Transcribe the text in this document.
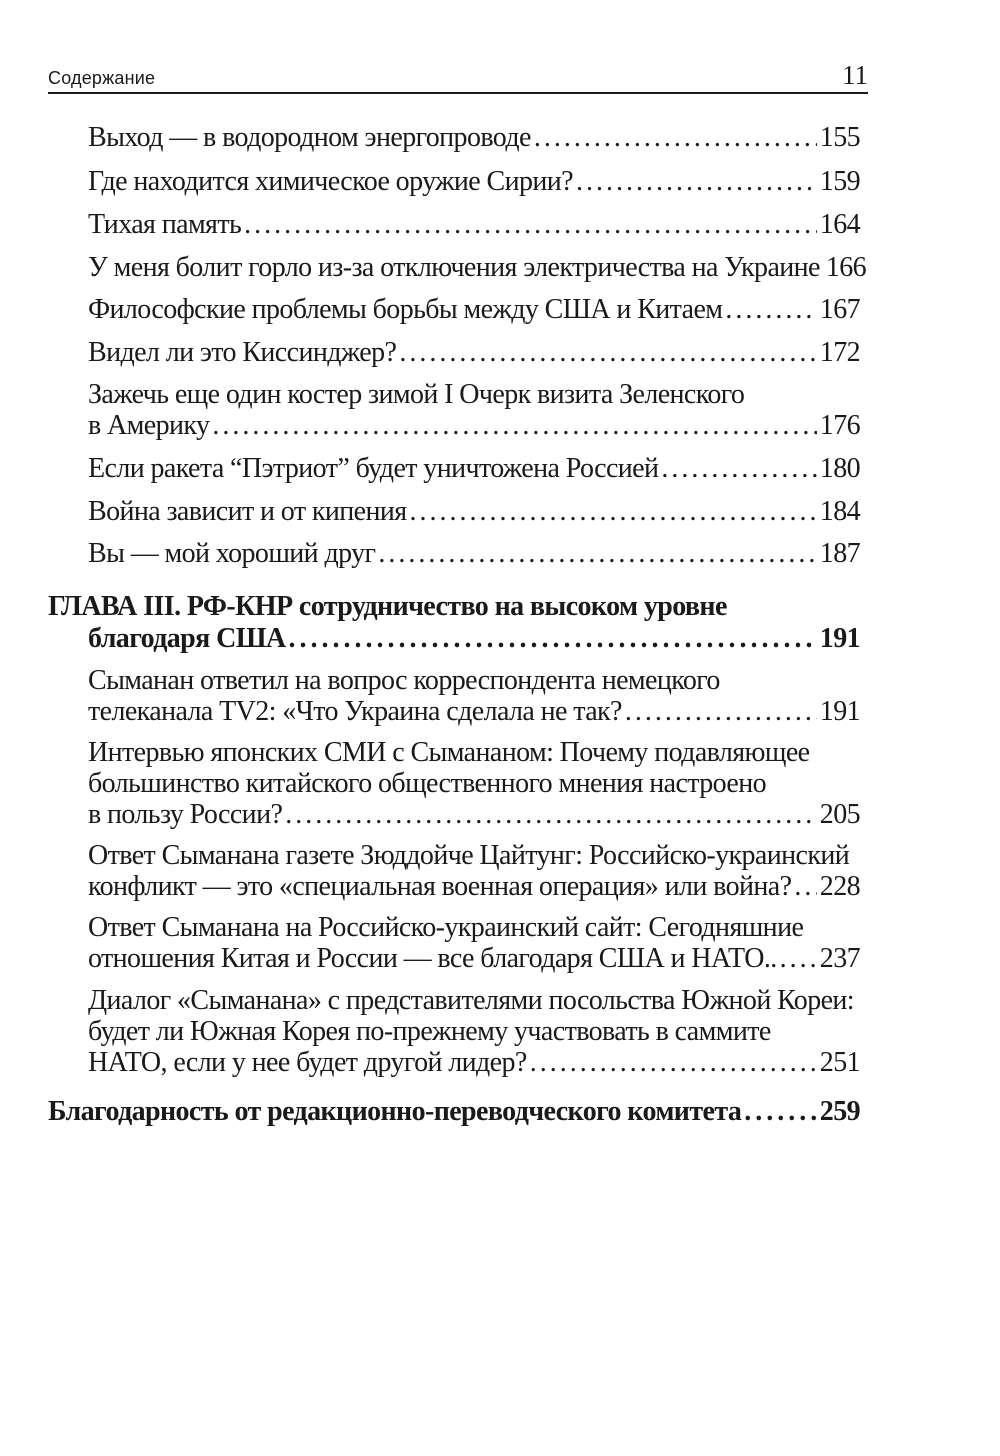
Содержание	11
Выход — в водородном энергопроводе .....	155
Где находится химическое оружие Сирии? .....	159
Тихая память .....	164
У меня болит горло из-за отключения электричества на Украине 166
Философские проблемы борьбы между США и Китаем .....	167
Видел ли это Киссинджер? .....	172
Зажечь еще один костер зимой I Очерк визита Зеленского
в Америку .....	176
Если ракета “Пэтриот” будет уничтожена Россией .....	180
Война зависит и от кипения .....	184
Вы — мой хороший друг .....	187
ГЛАВА III. РФ-КНР сотрудничество на высоком уровне
благодаря США .....	191
Сыманан ответил на вопрос корреспондента немецкого
телеканала TV2: «Что Украина сделала не так? .....	191
Интервью японских СМИ с Сымананом: Почему подавляющее
большинство китайского общественного мнения настроено
в пользу России? .....	205
Ответ Сыманана газете Зюддойче Цайтунг: Российско-украинский
конфликт — это «специальная военная операция» или война? ..... 228
Ответ Сыманана на Российско-украинский сайт: Сегодняшние
отношения Китая и России — все благодаря США и НАТО.. ..... 237
Диалог «Сыманана» с представителями посольства Южной Кореи:
будет ли Южная Корея по-прежнему участвовать в саммите
НАТО, если у нее будет другой лидер? .....	251
Благодарность от редакционно-переводческого комитета .....	259
